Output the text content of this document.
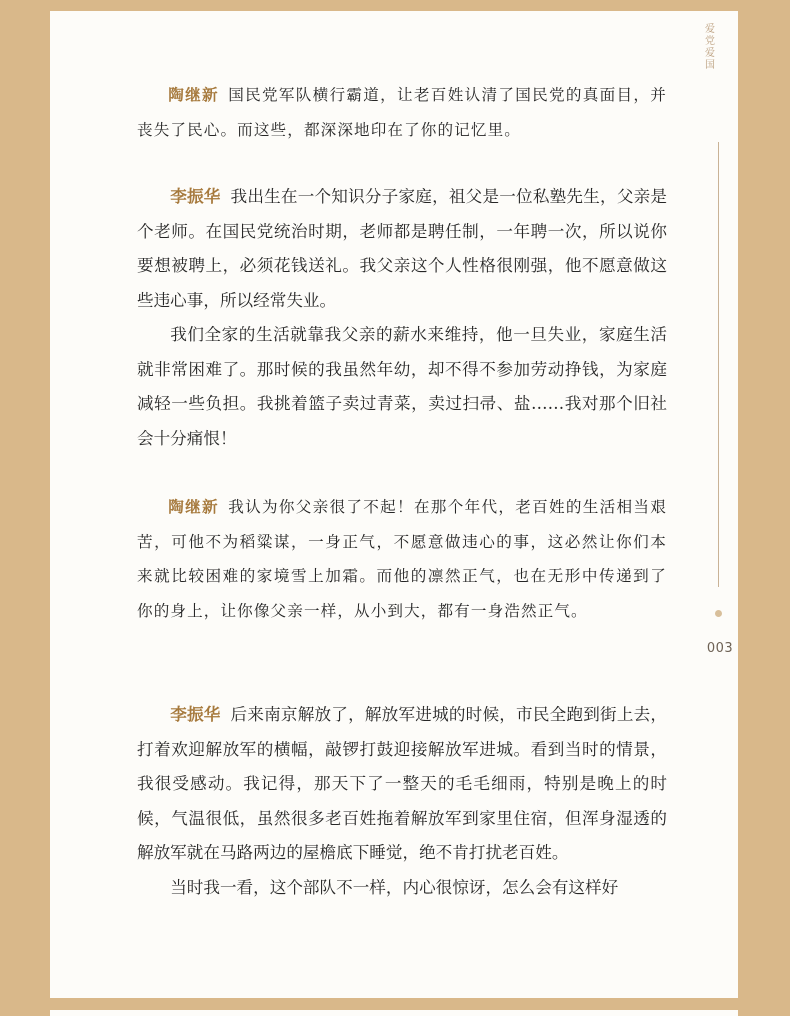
爱党爱国
003

陶继新 国民党军队横行霸道，让老百姓认清了国民党的真面目，并丧失了民心。而这些，都深深地印在了你的记忆里。

李振华 我出生在一个知识分子家庭，祖父是一位私塾先生，父亲是个老师。在国民党统治时期，老师都是聘任制，一年聘一次，所以说你要想被聘上，必须花钱送礼。我父亲这个人性格很刚强，他不愿意做这些违心事，所以经常失业。

我们全家的生活就靠我父亲的薪水来维持，他一旦失业，家庭生活就非常困难了。那时候的我虽然年幼，却不得不参加劳动挣钱，为家庭减轻一些负担。我挑着篮子卖过青菜，卖过扫帚、盐……我对那个旧社会十分痛恨！

陶继新 我认为你父亲很了不起！在那个年代，老百姓的生活相当艰苦，可他不为稻粱谋，一身正气，不愿意做违心的事，这必然让你们本来就比较困难的家境雪上加霜。而他的凛然正气，也在无形中传递到了你的身上，让你像父亲一样，从小到大，都有一身浩然正气。

李振华 后来南京解放了，解放军进城的时候，市民全跑到街上去，打着欢迎解放军的横幅，敲锣打鼓迎接解放军进城。看到当时的情景，我很受感动。我记得，那天下了一整天的毛毛细雨，特别是晚上的时候，气温很低，虽然很多老百姓拖着解放军到家里住宿，但浑身湿透的解放军就在马路两边的屋檐底下睡觉，绝不肯打扰老百姓。

当时我一看，这个部队不一样，内心很惊讶，怎么会有这样好
